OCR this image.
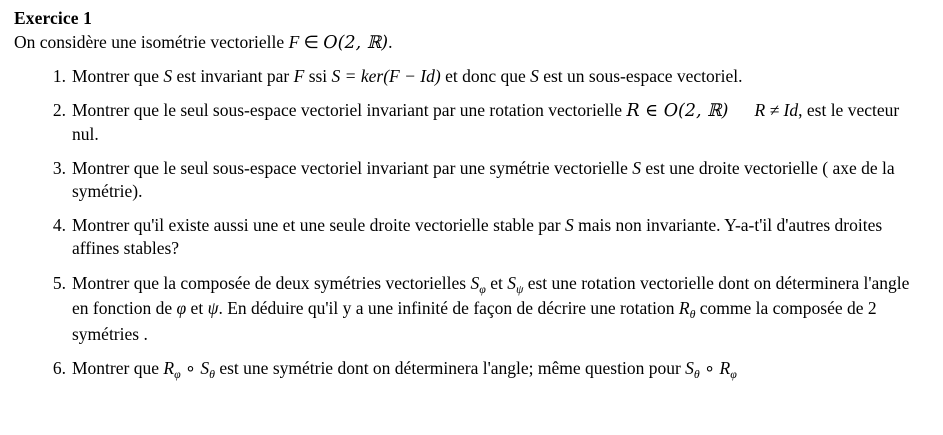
Exercice 1
On considère une isométrie vectorielle F ∈ O(2, ℝ).
1. Montrer que S est invariant par F ssi S = ker(F − Id) et donc que S est un sous-espace vectoriel.
2. Montrer que le seul sous-espace vectoriel invariant par une rotation vectorielle R ∈ O(2, ℝ) R ≠ Id, est le vecteur nul.
3. Montrer que le seul sous-espace vectoriel invariant par une symétrie vectorielle S est une droite vectorielle ( axe de la symétrie).
4. Montrer qu'il existe aussi une et une seule droite vectorielle stable par S mais non invariante. Y-a-t'il d'autres droites affines stables?
5. Montrer que la composée de deux symétries vectorielles $S_\varphi$ et $S_\psi$ est une rotation vectorielle dont on déterminera l'angle en fonction de φ et ψ. En déduire qu'il y a une infinité de façon de décrire une rotation $R_\theta$ comme la composée de 2 symétries .
6. Montrer que $R_\varphi$ ∘ $S_\theta$ est une symétrie dont on déterminera l'angle; même question pour $S_\theta$ ∘ $R_\varphi$
